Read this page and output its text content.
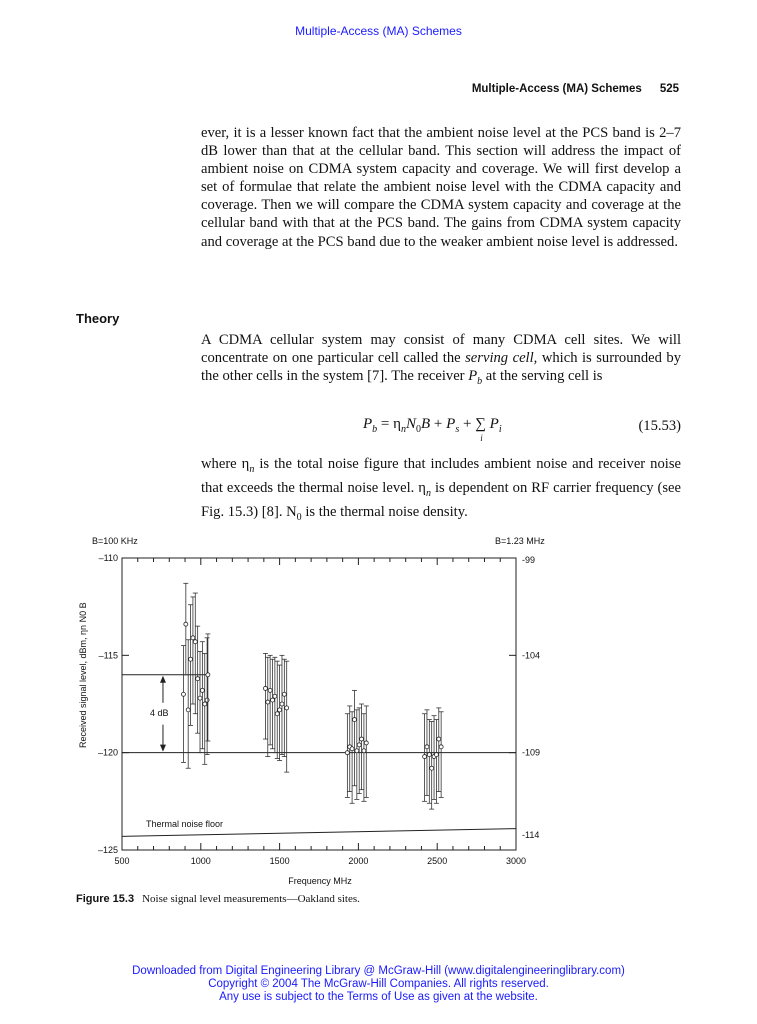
Multiple-Access (MA) Schemes
Multiple-Access (MA) Schemes 525
ever, it is a lesser known fact that the ambient noise level at the PCS band is 2–7 dB lower than that at the cellular band. This section will address the impact of ambient noise on CDMA system capacity and coverage. We will first develop a set of formulae that relate the ambient noise level with the CDMA capacity and coverage. Then we will compare the CDMA system capacity and coverage at the cellular band with that at the PCS band. The gains from CDMA system capacity and coverage at the PCS band due to the weaker ambient noise level is addressed.
Theory
A CDMA cellular system may consist of many CDMA cell sites. We will concentrate on one particular cell called the serving cell, which is surrounded by the other cells in the system [7]. The receiver $P_b$ at the serving cell is
$P_b = \eta_nN_0B + P_s$ + ∑
i
$P_i$	(15.53)
where $\eta_n$ is the total noise figure that includes ambient noise and receiver noise that exceeds the thermal noise level. $\eta_n$ is dependent on RF carrier frequency (see Fig. 15.3) [8]. $N_0$ is the thermal noise density.
B=100 KHz	B=1.23 MHz
500	1000	1500	2000	2500	3000
–110	-99
–115	-104
–120	-109
–125
-114
4 dB
Thermal noise floor
Frequency MHz
Received signal level, dBm, ηn N0 B
Figure 15.3 Noise signal level measurements—Oakland sites.
Downloaded from Digital Engineering Library @ McGraw-Hill (www.digitalengineeringlibrary.com)
Copyright © 2004 The McGraw-Hill Companies. All rights reserved.
Any use is subject to the Terms of Use as given at the website.
